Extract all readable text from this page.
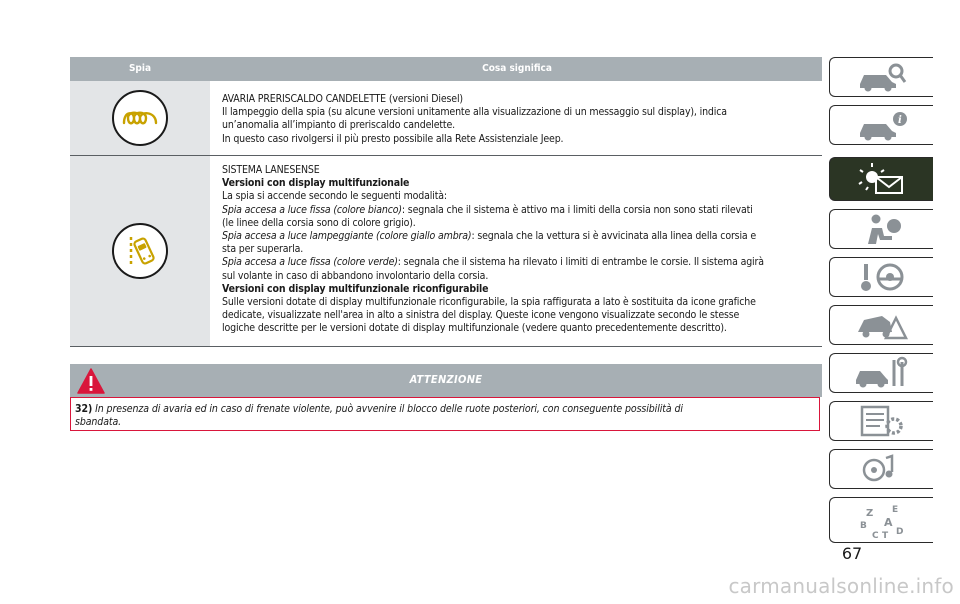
Spia	Cosa significa
AVARIA PRERISCALDO CANDELETTE (versioni Diesel)
Il lampeggio della spia (su alcune versioni unitamente alla visualizzazione di un messaggio sul display), indica
un’anomalia all’impianto di preriscaldo candelette.
In questo caso rivolgersi il più presto possibile alla Rete Assistenziale Jeep.
SISTEMA LANESENSE
Versioni con display multifunzionale
La spia si accende secondo le seguenti modalità:
Spia accesa a luce fissa (colore bianco): segnala che il sistema è attivo ma i limiti della corsia non sono stati rilevati
(le linee della corsia sono di colore grigio).
Spia accesa a luce lampeggiante (colore giallo ambra): segnala che la vettura si è avvicinata alla linea della corsia e
sta per superarla.
Spia accesa a luce fissa (colore verde): segnala che il sistema ha rilevato i limiti di entrambe le corsie. Il sistema agirà
sul volante in caso di abbandono involontario della corsia.
Versioni con display multifunzionale riconfigurabile
Sulle versioni dotate di display multifunzionale riconfigurabile, la spia raffigurata a lato è sostituita da icone grafiche
dedicate, visualizzate nell'area in alto a sinistra del display. Queste icone vengono visualizzate secondo le stesse
logiche descritte per le versioni dotate di display multifunzionale (vedere quanto precedentemente descritto).
ATTENZIONE
32) In presenza di avaria ed in caso di frenate violente, può avvenire il blocco delle ruote posteriori, con conseguente possibilità di
sbandata.
i
Z E
B A
C T D
67
carmanualsonline.info
